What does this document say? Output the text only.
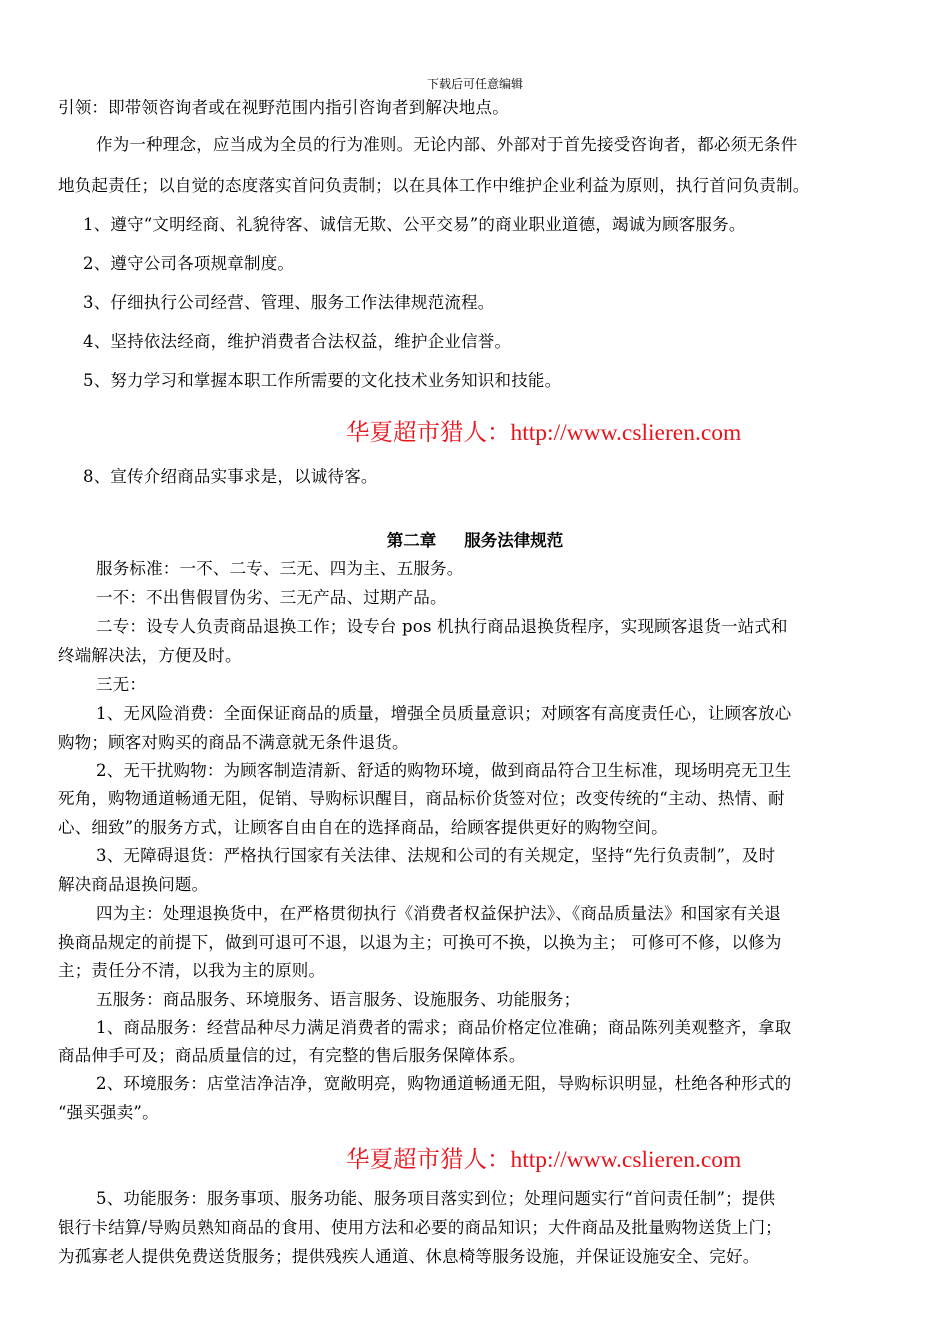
下载后可任意编辑
引领：即带领咨询者或在视野范围内指引咨询者到解决地点。
作为一种理念，应当成为全员的行为准则。无论内部、外部对于首先接受咨询者，都必须无条件
地负起责任；以自觉的态度落实首问负责制；以在具体工作中维护企业利益为原则，执行首问负责制。
1、遵守“文明经商、礼貌待客、诚信无欺、公平交易”的商业职业道德，竭诚为顾客服务。
2、遵守公司各项规章制度。
3、仔细执行公司经营、管理、服务工作法律规范流程。
4、坚持依法经商，维护消费者合法权益，维护企业信誉。
5、努力学习和掌握本职工作所需要的文化技术业务知识和技能。
华夏超市猎人：http://www.cslieren.com
8、宣传介绍商品实事求是，以诚待客。
第二章 服务法律规范
服务标准：一不、二专、三无、四为主、五服务。
一不：不出售假冒伪劣、三无产品、过期产品。
二专：设专人负责商品退换工作；设专台 pos 机执行商品退换货程序，实现顾客退货一站式和
终端解决法，方便及时。
三无：
1、无风险消费：全面保证商品的质量，增强全员质量意识；对顾客有高度责任心，让顾客放心
购物；顾客对购买的商品不满意就无条件退货。
2、无干扰购物：为顾客制造清新、舒适的购物环境，做到商品符合卫生标准，现场明亮无卫生
死角，购物通道畅通无阻，促销、导购标识醒目，商品标价货签对位；改变传统的“主动、热情、耐
心、细致”的服务方式，让顾客自由自在的选择商品，给顾客提供更好的购物空间。
3、无障碍退货：严格执行国家有关法律、法规和公司的有关规定，坚持“先行负责制”，及时
解决商品退换问题。
四为主：处理退换货中，在严格贯彻执行《消费者权益保护法》、《商品质量法》和国家有关退
换商品规定的前提下，做到可退可不退，以退为主；可换可不换，以换为主； 可修可不修，以修为
主；责任分不清，以我为主的原则。
五服务：商品服务、环境服务、语言服务、设施服务、功能服务；
1、商品服务：经营品种尽力满足消费者的需求；商品价格定位准确；商品陈列美观整齐，拿取
商品伸手可及；商品质量信的过，有完整的售后服务保障体系。
2、环境服务：店堂洁净洁净，宽敞明亮，购物通道畅通无阻，导购标识明显，杜绝各种形式的
“强买强卖”。
华夏超市猎人：http://www.cslieren.com
5、功能服务：服务事项、服务功能、服务项目落实到位；处理问题实行“首问责任制”；提供
银行卡结算/导购员熟知商品的食用、使用方法和必要的商品知识；大件商品及批量购物送货上门；
为孤寡老人提供免费送货服务；提供残疾人通道、休息椅等服务设施，并保证设施安全、完好。
